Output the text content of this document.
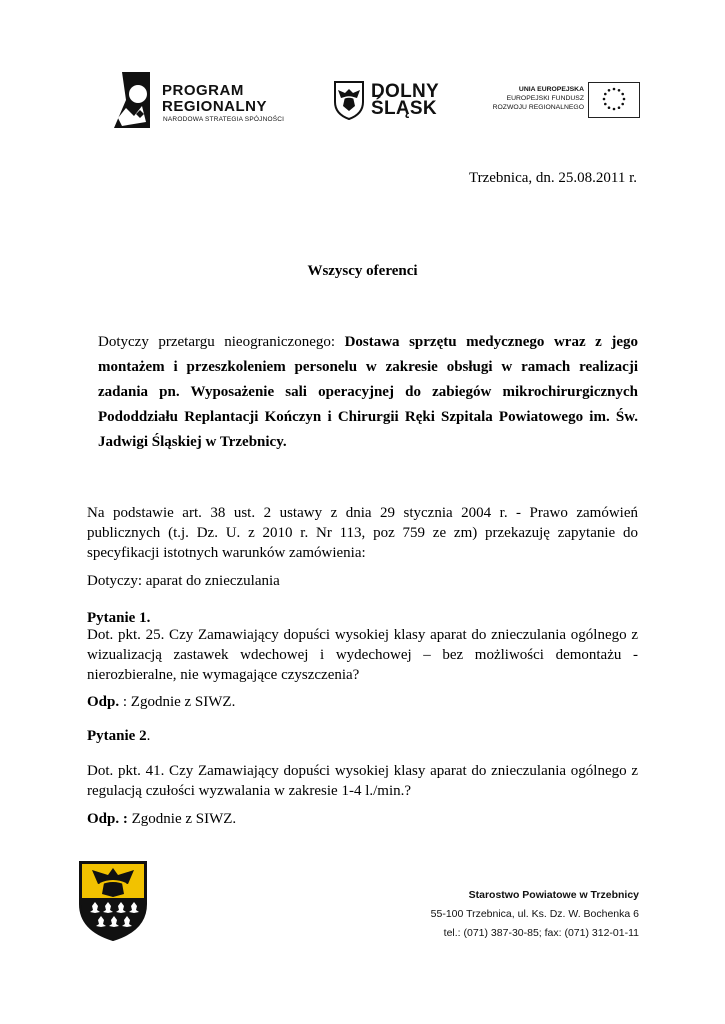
PROGRAM
REGIONALNY
NARODOWA STRATEGIA SPÓJNOŚCI
DOLNY
ŚLĄSK
UNIA EUROPEJSKA
EUROPEJSKI FUNDUSZ
ROZWOJU REGIONALNEGO
Trzebnica, dn. 25.08.2011 r.
Wszyscy oferenci
Dotyczy przetargu nieograniczonego: Dostawa sprzętu medycznego wraz z jego montażem i przeszkoleniem personelu w zakresie obsługi w ramach realizacji zadania pn. Wyposażenie sali operacyjnej do zabiegów mikrochirurgicznych Pododdziału Replantacji Kończyn i Chirurgii Ręki Szpitala Powiatowego im. Św. Jadwigi Śląskiej w Trzebnicy.
Na podstawie art. 38 ust. 2 ustawy z dnia 29 stycznia 2004 r. - Prawo zamówień publicznych (t.j. Dz. U. z 2010 r. Nr 113, poz 759 ze zm) przekazuję zapytanie do specyfikacji istotnych warunków zamówienia:
Dotyczy: aparat do znieczulania
Pytanie 1.
Dot. pkt. 25. Czy Zamawiający dopuści wysokiej klasy aparat do znieczulania ogólnego z wizualizacją zastawek wdechowej i wydechowej – bez możliwości demontażu - nierozbieralne, nie wymagające czyszczenia?
Odp. : Zgodnie z SIWZ.
Pytanie 2.
Dot. pkt. 41. Czy Zamawiający dopuści wysokiej klasy aparat do znieczulania ogólnego z regulacją czułości wyzwalania w zakresie 1-4 l./min.?
Odp. : Zgodnie z SIWZ.
Starostwo Powiatowe w Trzebnicy
55-100 Trzebnica, ul. Ks. Dz. W. Bochenka 6
tel.: (071) 387-30-85; fax: (071) 312-01-11
